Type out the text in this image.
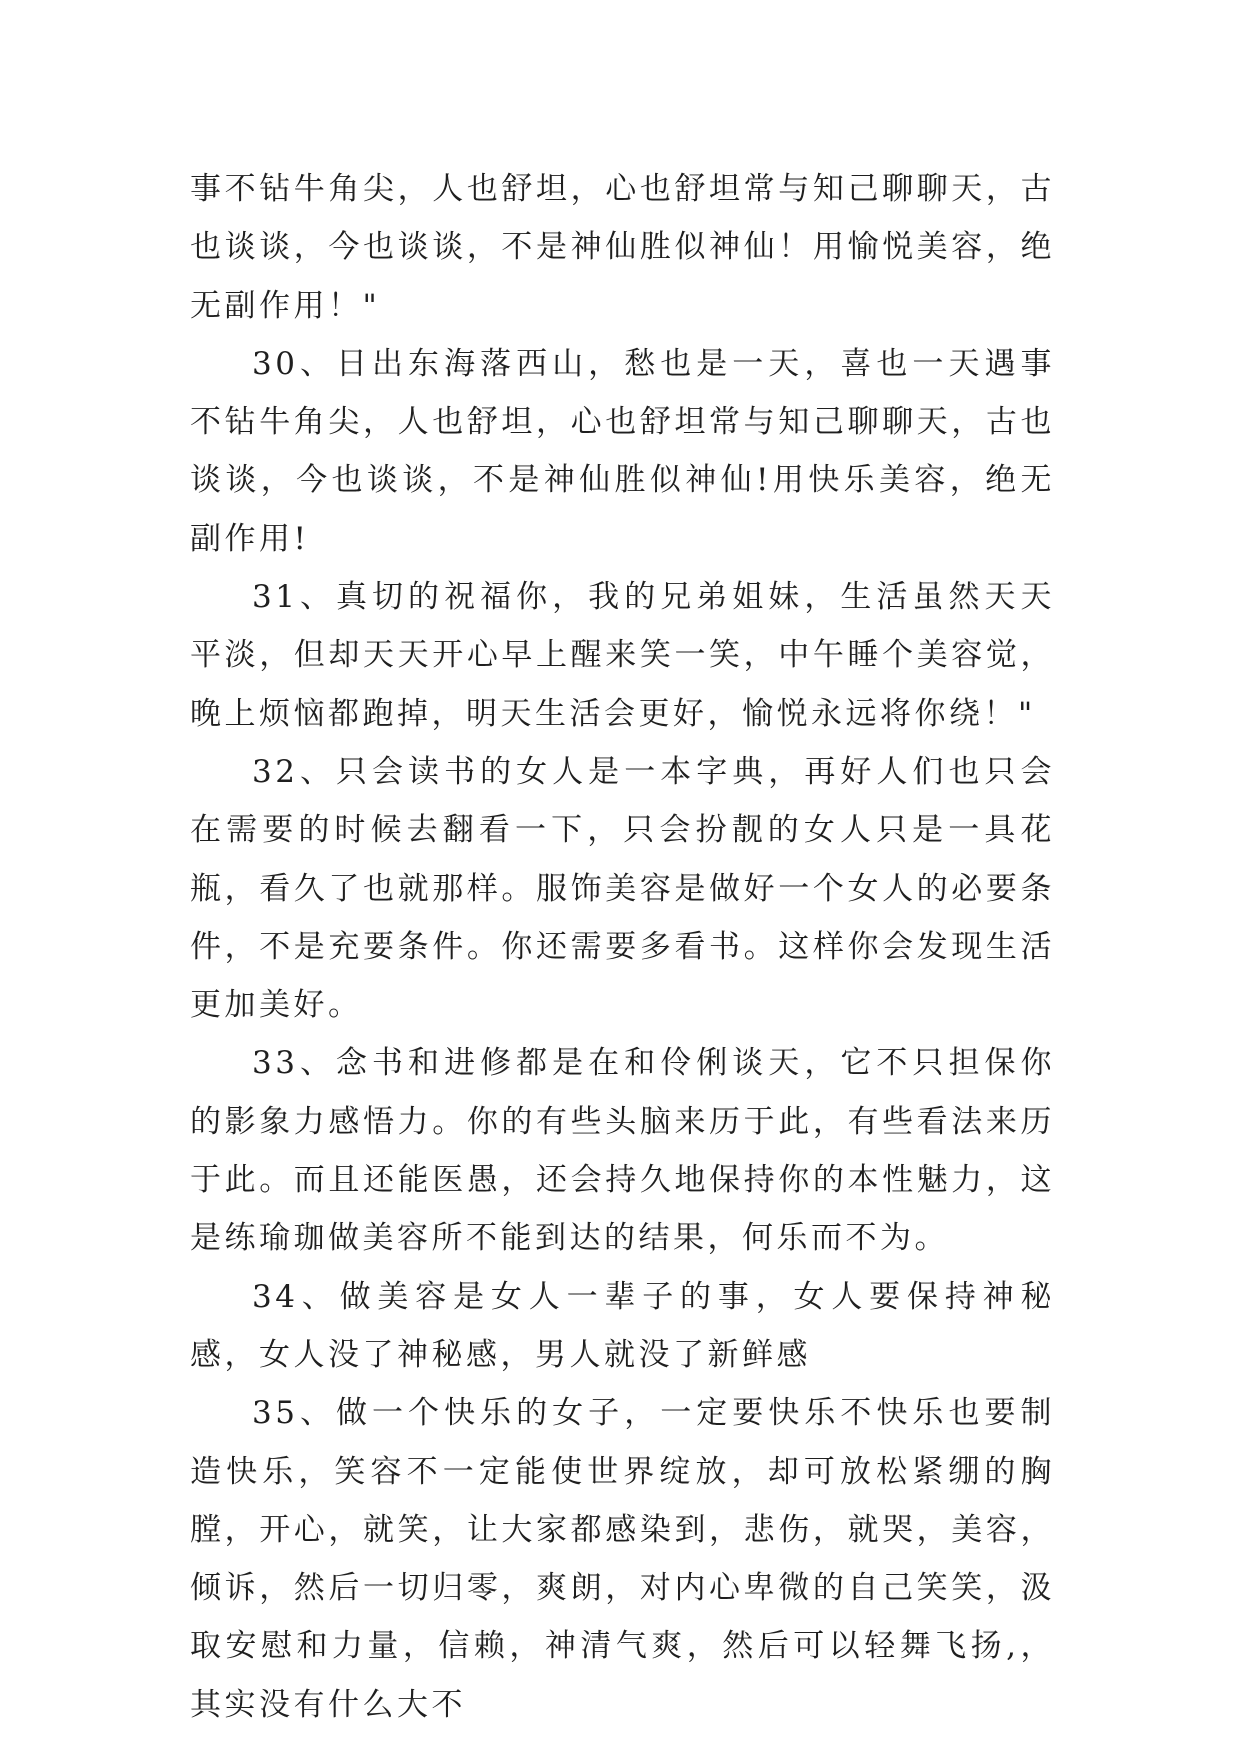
事不钻牛角尖，人也舒坦，心也舒坦常与知己聊聊天，古也谈谈，今也谈谈，不是神仙胜似神仙！用愉悦美容，绝无副作用！"

30、日出东海落西山，愁也是一天，喜也一天遇事不钻牛角尖，人也舒坦，心也舒坦常与知己聊聊天，古也谈谈，今也谈谈，不是神仙胜似神仙!用快乐美容，绝无副作用!

31、真切的祝福你，我的兄弟姐妹，生活虽然天天平淡，但却天天开心早上醒来笑一笑，中午睡个美容觉，晚上烦恼都跑掉，明天生活会更好，愉悦永远将你绕！"

32、只会读书的女人是一本字典，再好人们也只会在需要的时候去翻看一下，只会扮靓的女人只是一具花瓶，看久了也就那样。服饰美容是做好一个女人的必要条件，不是充要条件。你还需要多看书。这样你会发现生活更加美好。

33、念书和进修都是在和伶俐谈天，它不只担保你的影象力感悟力。你的有些头脑来历于此，有些看法来历于此。而且还能医愚，还会持久地保持你的本性魅力，这是练瑜珈做美容所不能到达的结果，何乐而不为。

34、做美容是女人一辈子的事，女人要保持神秘感，女人没了神秘感，男人就没了新鲜感

35、做一个快乐的女子，一定要快乐不快乐也要制造快乐，笑容不一定能使世界绽放，却可放松紧绷的胸膛，开心，就笑，让大家都感染到，悲伤，就哭，美容，倾诉，然后一切归零，爽朗，对内心卑微的自己笑笑，汲取安慰和力量，信赖，神清气爽，然后可以轻舞飞扬,，其实没有什么大不
